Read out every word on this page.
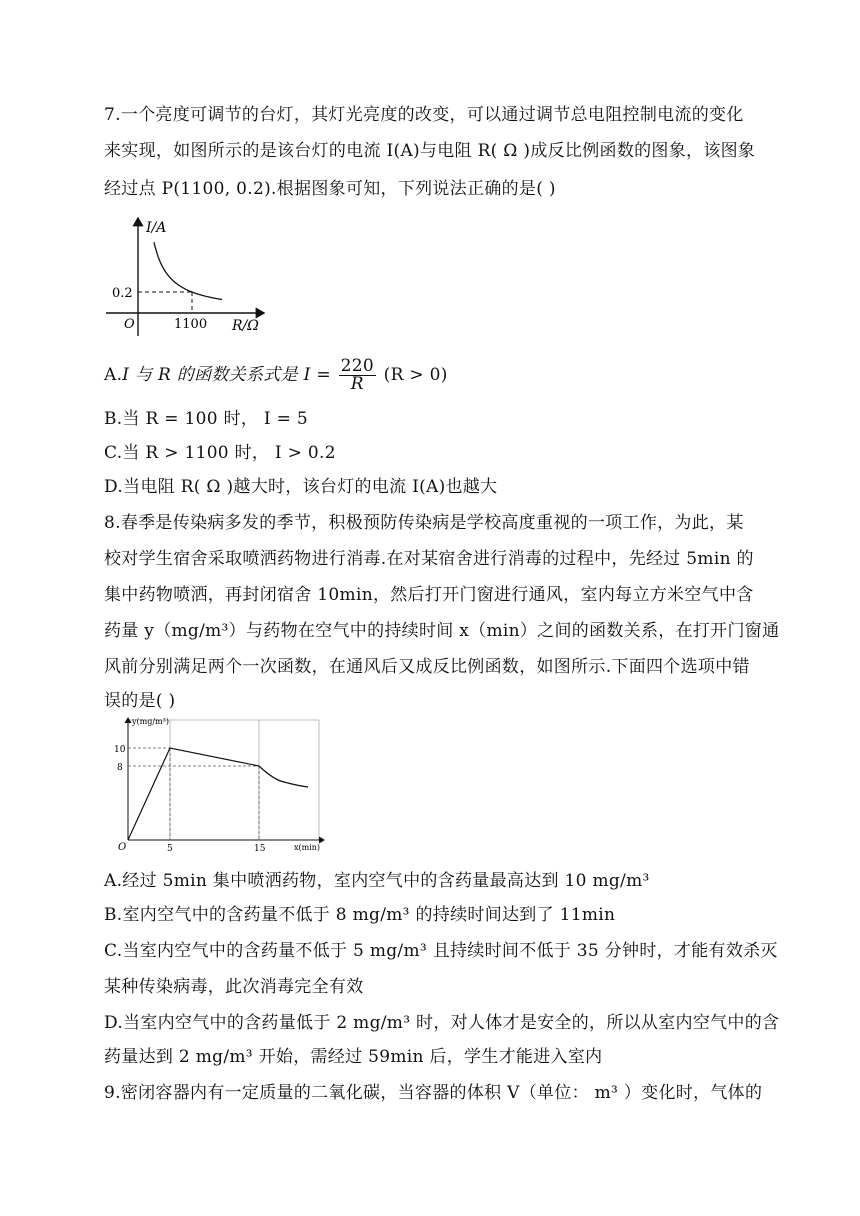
7.一个亮度可调节的台灯，其灯光亮度的改变，可以通过调节总电阻控制电流的变化
来实现，如图所示的是该台灯的电流 I(A)与电阻 R( Ω )成反比例函数的图象，该图象
经过点 P(1100, 0.2).根据图象可知，下列说法正确的是( )
I/A
R/Ω
O
0.2
1100
A.I 与 R 的函数关系式是 $I = \frac{220}{R} (R > 0)$
B.当 R = 100 时， I = 5
C.当 R > 1100 时， I > 0.2
D.当电阻 R( Ω )越大时，该台灯的电流 I(A)也越大
8.春季是传染病多发的季节，积极预防传染病是学校高度重视的一项工作，为此，某
校对学生宿舍采取喷洒药物进行消毒.在对某宿舍进行消毒的过程中，先经过 5min 的
集中药物喷洒，再封闭宿舍 10min，然后打开门窗进行通风，室内每立方米空气中含
药量 y（mg/m³）与药物在空气中的持续时间 x（min）之间的函数关系，在打开门窗通
风前分别满足两个一次函数，在通风后又成反比例函数，如图所示.下面四个选项中错
误的是( )
y(mg/m³)
x(min)
O
10
8
5	15
A.经过 5min 集中喷洒药物，室内空气中的含药量最高达到 10 mg/m³
B.室内空气中的含药量不低于 8 mg/m³ 的持续时间达到了 11min
C.当室内空气中的含药量不低于 5 mg/m³ 且持续时间不低于 35 分钟时，才能有效杀灭
某种传染病毒，此次消毒完全有效
D.当室内空气中的含药量低于 2 mg/m³ 时，对人体才是安全的，所以从室内空气中的含
药量达到 2 mg/m³ 开始，需经过 59min 后，学生才能进入室内
9.密闭容器内有一定质量的二氧化碳，当容器的体积 V（单位： m³ ）变化时，气体的
